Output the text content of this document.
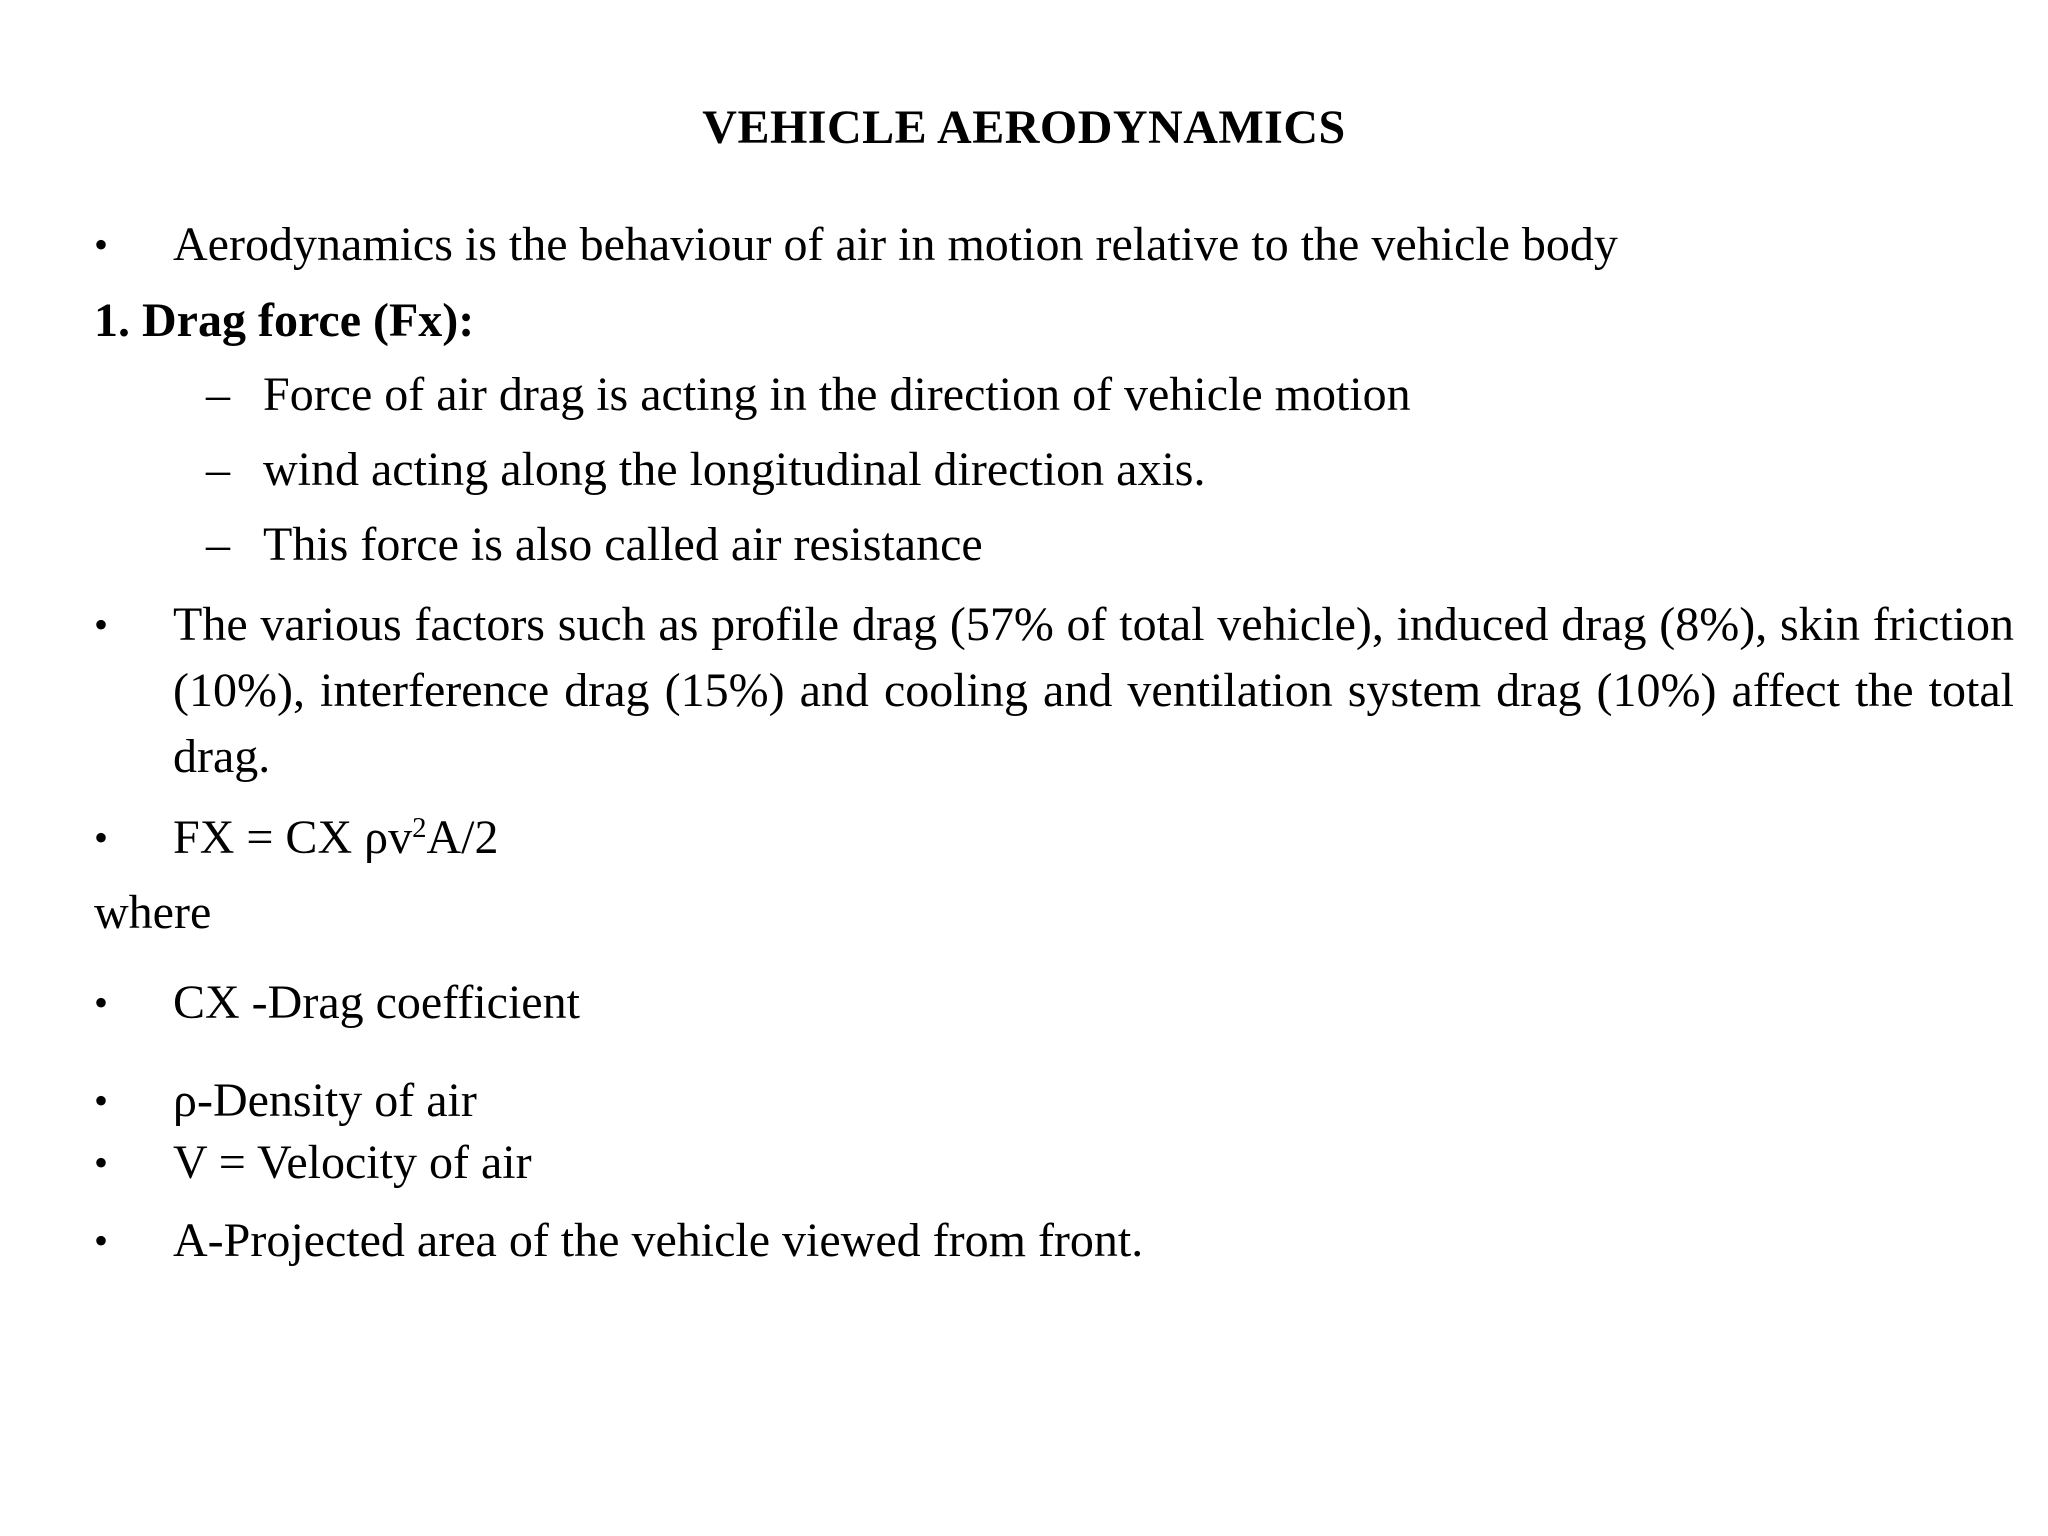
VEHICLE AERODYNAMICS
• Aerodynamics is the behaviour of air in motion relative to the vehicle body
1. Drag force (Fx):
– Force of air drag is acting in the direction of vehicle motion
– wind acting along the longitudinal direction axis.
– This force is also called air resistance
• The various factors such as profile drag (57% of total vehicle), induced drag (8%), skin friction (10%), interference drag (15%) and cooling and ventilation system drag (10%) affect the total drag.
• FX = CX $\rho v^2A/2$
where
• CX -Drag coefficient
• ρ-Density of air
• V = Velocity of air
• A-Projected area of the vehicle viewed from front.
